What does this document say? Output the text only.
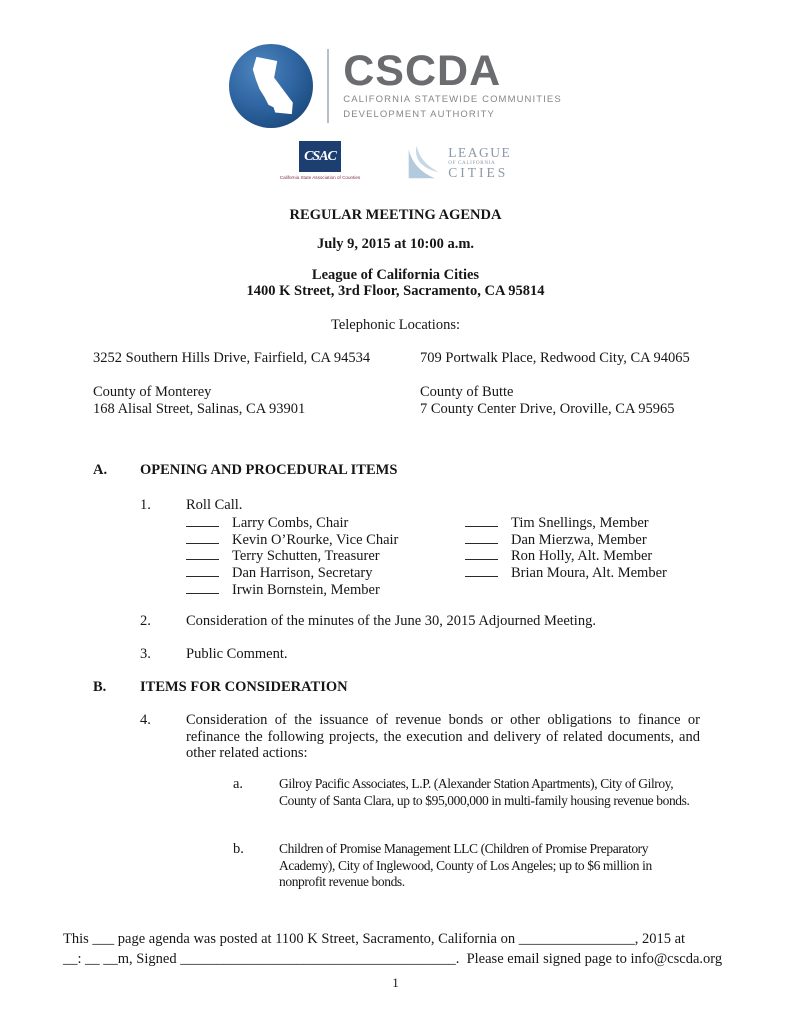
CSCDA
CALIFORNIA STATEWIDE COMMUNITIES
DEVELOPMENT AUTHORITY
CSAC
California State Association of Counties
LEAGUE
OF CALIFORNIA
CITIES
REGULAR MEETING AGENDA
July 9, 2015 at 10:00 a.m.
League of California Cities
1400 K Street, 3rd Floor, Sacramento, CA 95814
Telephonic Locations:
3252 Southern Hills Drive, Fairfield, CA 94534	709 Portwalk Place, Redwood City, CA 94065
County of Monterey
168 Alisal Street, Salinas, CA 93901
County of Butte
7 County Center Drive, Oroville, CA 95965
A. OPENING AND PROCEDURAL ITEMS
1. Roll Call.
Larry Combs, Chair
Kevin O’Rourke, Vice Chair
Terry Schutten, Treasurer
Dan Harrison, Secretary
Irwin Bornstein, Member
Tim Snellings, Member
Dan Mierzwa, Member
Ron Holly, Alt. Member
Brian Moura, Alt. Member
2. Consideration of the minutes of the June 30, 2015 Adjourned Meeting.
3. Public Comment.
B. ITEMS FOR CONSIDERATION
4. Consideration of the issuance of revenue bonds or other obligations to finance or refinance the following projects, the execution and delivery of related documents, and other related actions:
a.	Gilroy Pacific Associates, L.P. (Alexander Station Apartments), City of Gilroy, County of Santa Clara, up to $95,000,000 in multi-family housing revenue bonds.
b.	Children of Promise Management LLC (Children of Promise Preparatory Academy), City of Inglewood, County of Los Angeles; up to $6 million in nonprofit revenue bonds.
This ___ page agenda was posted at 1100 K Street, Sacramento, California on ________________, 2015 at
__: __ __m, Signed ______________________________________.  Please email signed page to info@cscda.org
1
